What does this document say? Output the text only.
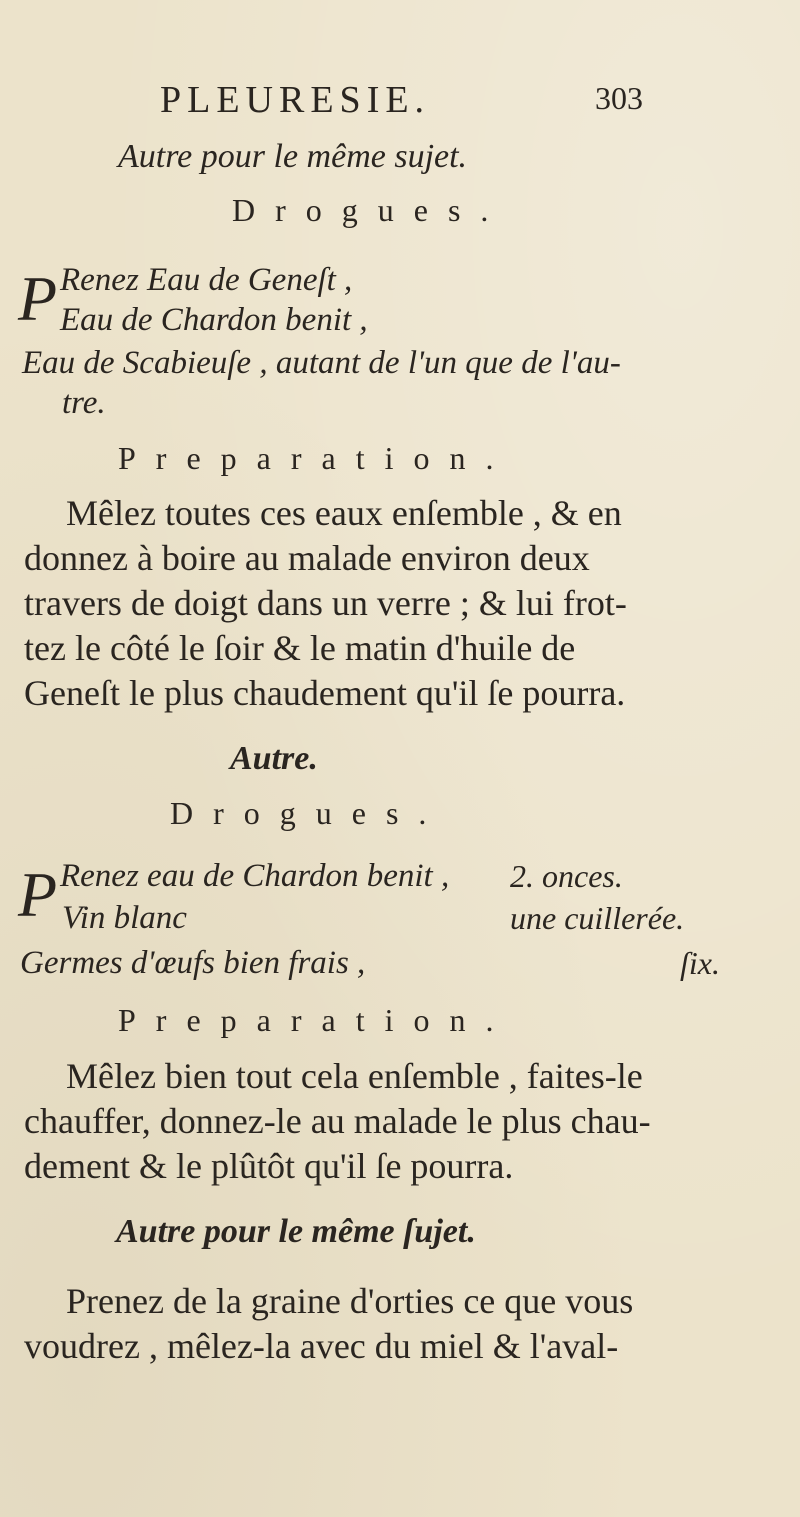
PLEURESIE.	303
Autre pour le même sujet.
Drogues.
P Renez Eau de Geneſt ,
Eau de Chardon benit ,
Eau de Scabieuſe , autant de l'un que de l'au-
tre.
Preparation.
Mêlez toutes ces eaux enſemble , & en
donnez à boire au malade environ deux
travers de doigt dans un verre ; & lui frot-
tez le côté le ſoir & le matin d'huile de
Geneſt le plus chaudement qu'il ſe pourra.
Autre.
Drogues.
P Renez eau de Chardon benit , 2. onces.
Vin blanc	une cuillerée.
Germes d'œufs bien frais ,	ſix.
Preparation.
Mêlez bien tout cela enſemble , faites-le
chauffer, donnez-le au malade le plus chau-
dement & le plûtôt qu'il ſe pourra.
Autre pour le même ſujet.
Prenez de la graine d'orties ce que vous
voudrez , mêlez-la avec du miel & l'aval-
